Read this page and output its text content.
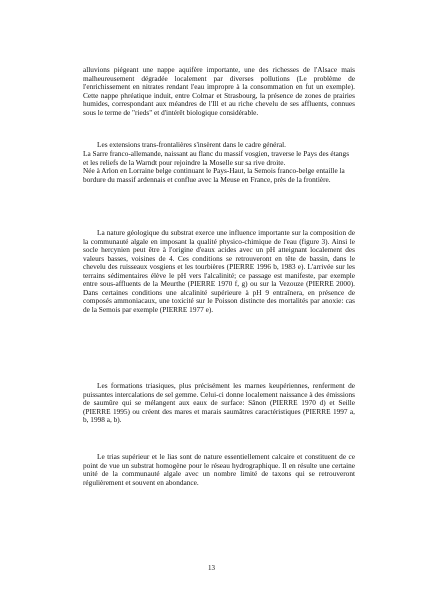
alluvions piégeant une nappe aquifère importante, une des richesses de l'Alsace mais malheureusement dégradée localement par diverses pollutions (Le problème de l'enrichissement en nitrates rendant l'eau impropre à la consommation en fut un exemple). Cette nappe phréatique induit, entre Colmar et Strasbourg, la présence de zones de prairies humides, correspondant aux méandres de l'Ill et au riche chevelu de ses affluents, connues sous le terme de "rieds" et d'intérêt biologique considérable.

Les extensions trans-frontalières s'insèrent dans le cadre général.

La Sarre franco-allemande, naissant au flanc du massif vosgien, traverse le Pays des étangs et les reliefs de la Warndt pour rejoindre la Moselle sur sa rive droite.

Née à Arlon en Lorraine belge continuant le Pays-Haut, la Semois franco-belge entaille la bordure du massif ardennais et conflue avec la Meuse en France, près de la frontière.

La nature géologique du substrat exerce une influence importante sur la composition de la communauté algale en imposant la qualité physico-chimique de l'eau (figure 3). Ainsi le socle hercynien peut être à l'origine d'eaux acides avec un pH atteignant localement des valeurs basses, voisines de 4. Ces conditions se retrouveront en tête de bassin, dans le chevelu des ruisseaux vosgiens et les tourbières (PIERRE 1996 b, 1983 e). L'arrivée sur les terrains sédimentaires élève le pH vers l'alcalinité; ce passage est manifeste, par exemple entre sous-affluents de la Meurthe (PIERRE 1970 f, g) ou sur la Vezouze (PIERRE 2000). Dans certaines conditions une alcalinité supérieure à pH 9 entraînera, en présence de composés ammoniacaux, une toxicité sur le Poisson distincte des mortalités par anoxie: cas de la Semois par exemple (PIERRE 1977 e).

Les formations triasiques, plus précisément les marnes keupériennes, renferment de puissantes intercalations de sel gemme. Celui-ci donne localement naissance à des émissions de saumûre qui se mélangent aux eaux de surface: Sânon (PIERRE 1970 d) et Seille (PIERRE 1995) ou créent des mares et marais saumâtres caractéristiques (PIERRE 1997 a, b, 1998 a, b).

Le trias supérieur et le lias sont de nature essentiellement calcaire et constituent de ce point de vue un substrat homogène pour le réseau hydrographique. Il en résulte une certaine unité de la communauté algale avec un nombre limité de taxons qui se retrouveront régulièrement et souvent en abondance.

13
